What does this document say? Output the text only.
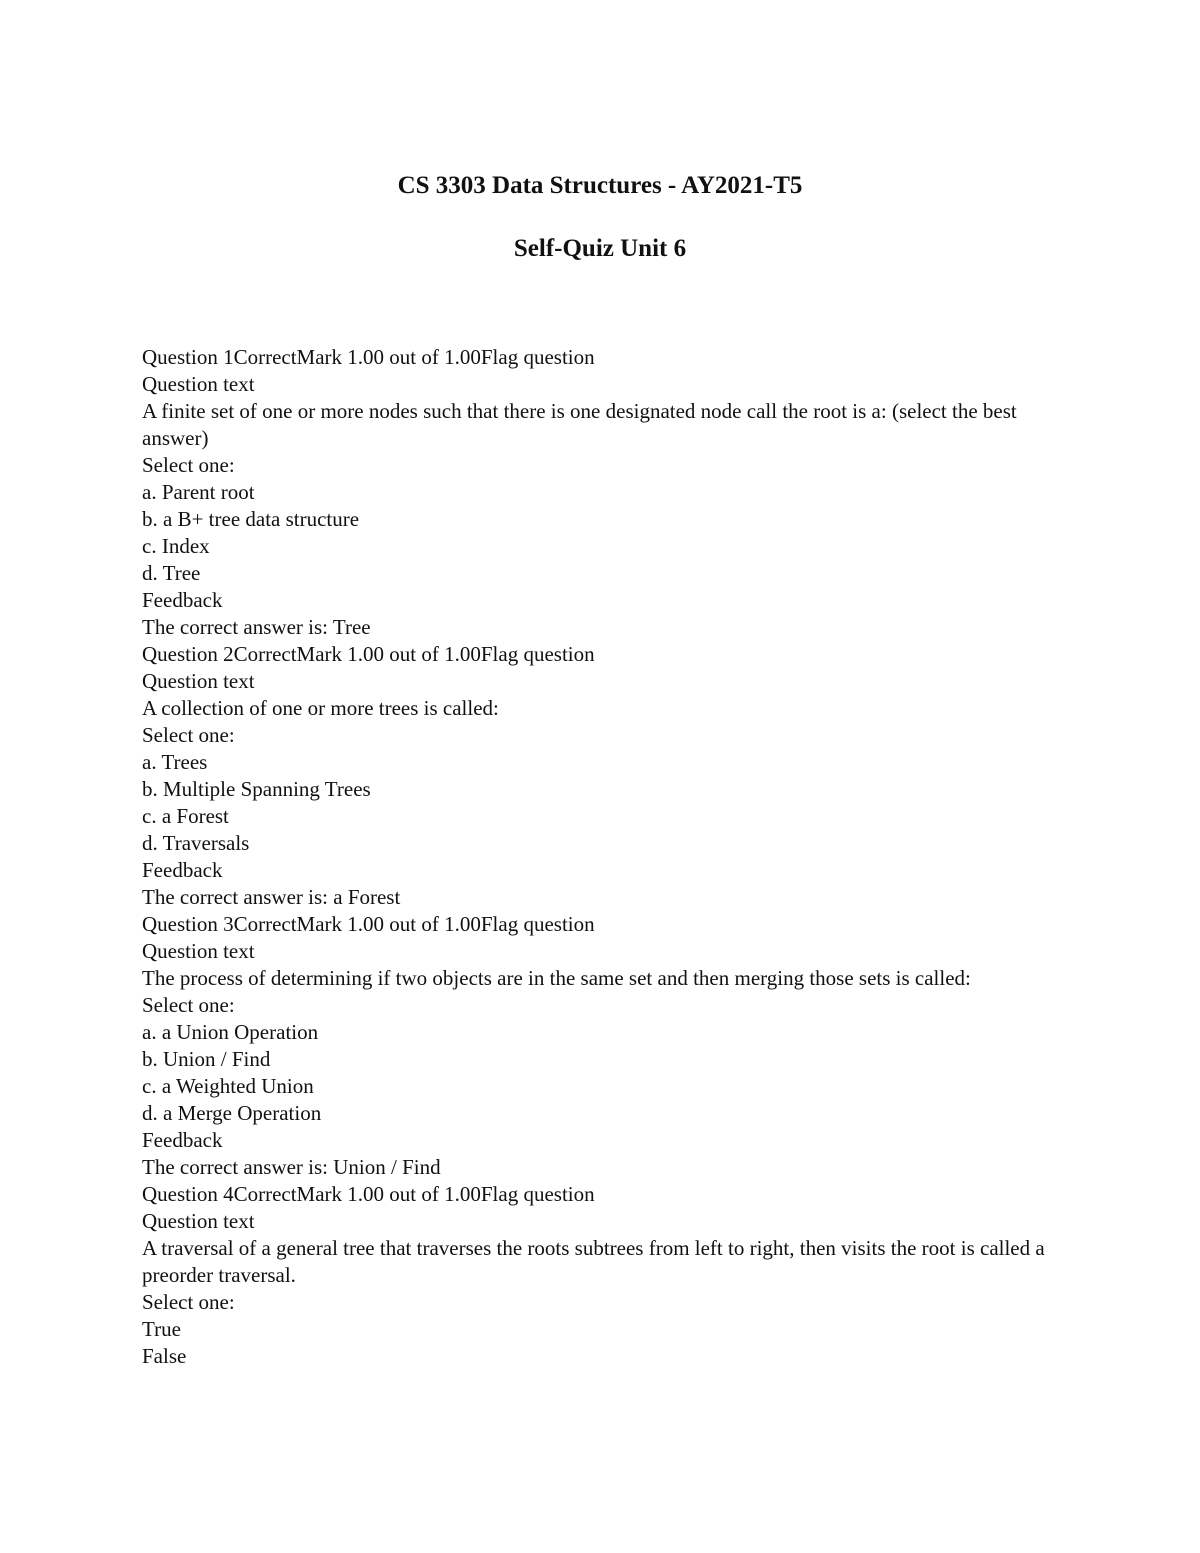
CS 3303 Data Structures - AY2021-T5
Self-Quiz Unit 6
Question 1CorrectMark 1.00 out of 1.00Flag question
Question text
A finite set of one or more nodes such that there is one designated node call the root is a: (select the best answer)
Select one:
a. Parent root
b. a B+ tree data structure
c. Index
d. Tree
Feedback
The correct answer is: Tree
Question 2CorrectMark 1.00 out of 1.00Flag question
Question text
A collection of one or more trees is called:
Select one:
a. Trees
b. Multiple Spanning Trees
c. a Forest
d. Traversals
Feedback
The correct answer is: a Forest
Question 3CorrectMark 1.00 out of 1.00Flag question
Question text
The process of determining if two objects are in the same set and then merging those sets is called:
Select one:
a. a Union Operation
b. Union / Find
c. a Weighted Union
d. a Merge Operation
Feedback
The correct answer is: Union / Find
Question 4CorrectMark 1.00 out of 1.00Flag question
Question text
A traversal of a general tree that traverses the roots subtrees from left to right, then visits the root is called a preorder traversal.
Select one:
True
False
